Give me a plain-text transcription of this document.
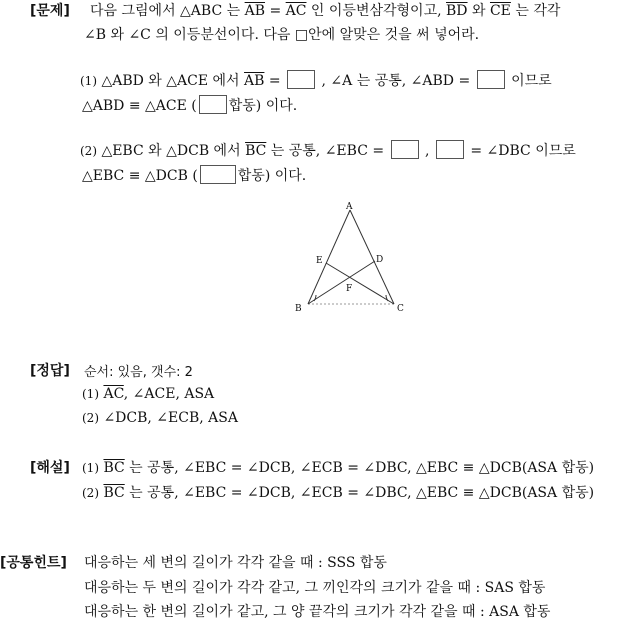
[문제] 다음 그림에서 △ABC 는 $\overline{AB} = \overline{AC}$ 인 이등변삼각형이고, $\overline{BD}$ 와 $\overline{CE}$ 는 각각
∠B 와 ∠C 의 이등분선이다. 다음 □안에 알맞은 것을 써 넣어라.
(1) △ABD 와 △ACE 에서 $\overline{AB}$ =  , ∠A 는 공통, ∠ABD =  이므로
△ABD ≡ △ACE ( 합동) 이다.
(2) △EBC 와 △DCB 에서 $\overline{BC}$ 는 공통, ∠EBC =  ,  = ∠DBC 이므로
△EBC ≡ △DCB (	합동) 이다.
A
B	C
D
E
F
[정답] 순서: 있음, 갯수: 2
(1) $\overline{AC}$, ∠ACE, ASA
(2) ∠DCB, ∠ECB, ASA
[해설] (1) $\overline{BC}$ 는 공통, ∠EBC = ∠DCB, ∠ECB = ∠DBC, △EBC ≡ △DCB(ASA 합동)
(2) $\overline{BC}$ 는 공통, ∠EBC = ∠DCB, ∠ECB = ∠DBC, △EBC ≡ △DCB(ASA 합동)
[공통힌트] 대응하는 세 변의 길이가 각각 같을 때 : SSS 합동
대응하는 두 변의 길이가 각각 같고, 그 끼인각의 크기가 같을 때 : SAS 합동
대응하는 한 변의 길이가 같고, 그 양 끝각의 크기가 각각 같을 때 : ASA 합동
